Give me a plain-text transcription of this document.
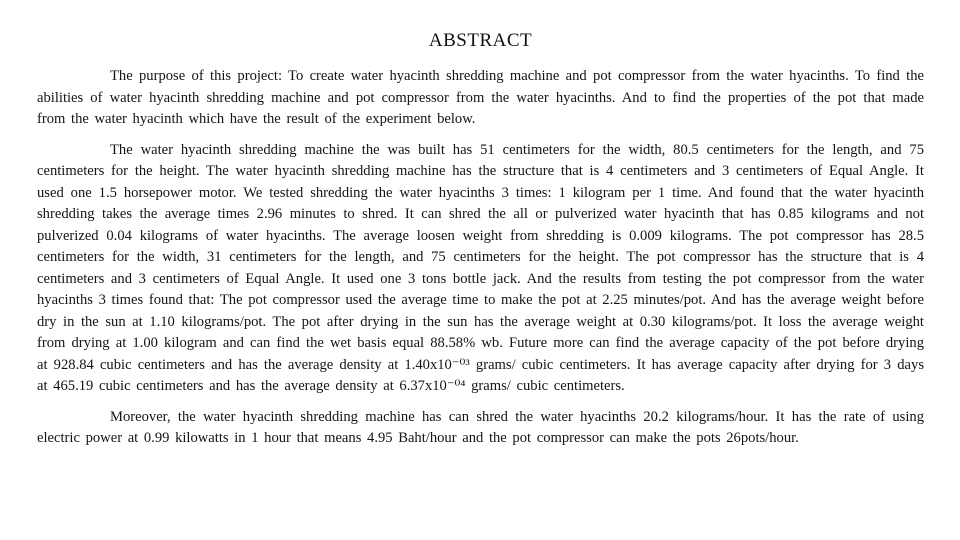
ABSTRACT

The purpose of this project: To create water hyacinth shredding machine and pot compressor from the water hyacinths. To find the abilities of water hyacinth shredding machine and pot compressor from the water hyacinths. And to find the properties of the pot that made from the water hyacinth which have the result of the experiment below.

The water hyacinth shredding machine the was built has 51 centimeters for the width, 80.5 centimeters for the length, and 75 centimeters for the height. The water hyacinth shredding machine has the structure that is 4 centimeters and 3 centimeters of Equal Angle. It used one 1.5 horsepower motor. We tested shredding the water hyacinths 3 times: 1 kilogram per 1 time. And found that the water hyacinth shredding takes the average times 2.96 minutes to shred. It can shred the all or pulverized water hyacinth that has 0.85 kilograms and not pulverized 0.04 kilograms of water hyacinths. The average loosen weight from shredding is 0.009 kilograms. The pot compressor has 28.5 centimeters for the width, 31 centimeters for the length, and 75 centimeters for the height. The pot compressor has the structure that is 4 centimeters and 3 centimeters of Equal Angle. It used one 3 tons bottle jack. And the results from testing the pot compressor from the water hyacinths 3 times found that: The pot compressor used the average time to make the pot at 2.25 minutes/pot. And has the average weight before dry in the sun at 1.10 kilograms/pot. The pot after drying in the sun has the average weight at 0.30 kilograms/pot. It loss the average weight from drying at 1.00 kilogram and can find the wet basis equal 88.58% wb. Future more can find the average capacity of the pot before drying at 928.84 cubic centimeters and has the average density at 1.40x10⁻⁰³ grams/ cubic centimeters. It has average capacity after drying for 3 days at 465.19 cubic centimeters and has the average density at 6.37x10⁻⁰⁴ grams/ cubic centimeters.

Moreover, the water hyacinth shredding machine has can shred the water hyacinths 20.2 kilograms/hour. It has the rate of using electric power at 0.99 kilowatts in 1 hour that means 4.95 Baht/hour and the pot compressor can make the pots 26pots/hour.
